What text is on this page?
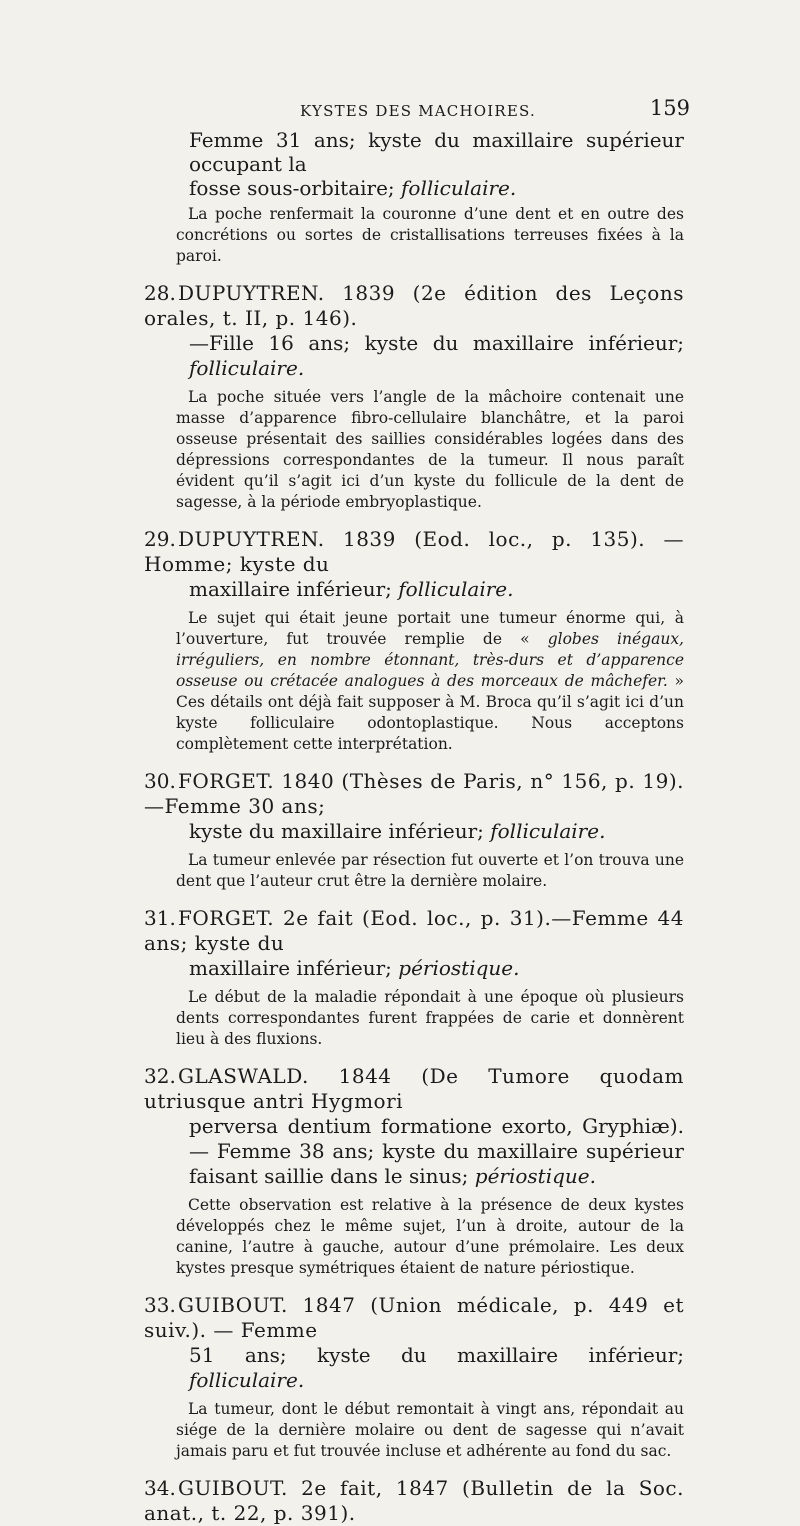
KYSTES DES MACHOIRES.	159
Femme 31 ans; kyste du maxillaire supérieur occupant la
fosse sous-orbitaire; folliculaire.
La poche renfermait la couronne d’une dent et en outre des concrétions ou sortes de cristallisations terreuses fixées à la paroi.
28. DUPUYTREN. 1839 (2e édition des Leçons orales, t. II, p. 146).
—Fille 16 ans; kyste du maxillaire inférieur; folliculaire.
La poche située vers l’angle de la mâchoire contenait une masse d’apparence fibro-cellulaire blanchâtre, et la paroi osseuse présentait des saillies considérables logées dans des dépressions correspondantes de la tumeur. Il nous paraît évident qu’il s’agit ici d’un kyste du follicule de la dent de sagesse, à la période embryoplastique.
29. DUPUYTREN. 1839 (Eod. loc., p. 135). — Homme; kyste du
maxillaire inférieur; folliculaire.
Le sujet qui était jeune portait une tumeur énorme qui, à l’ouverture, fut trouvée remplie de « globes inégaux, irréguliers, en nombre étonnant, très-durs et d’apparence osseuse ou crétacée analogues à des morceaux de mâchefer. » Ces détails ont déjà fait supposer à M. Broca qu’il s’agit ici d’un kyste folliculaire odontoplastique. Nous acceptons complètement cette interprétation.
30. FORGET. 1840 (Thèses de Paris, n° 156, p. 19).—Femme 30 ans;
kyste du maxillaire inférieur; folliculaire.
La tumeur enlevée par résection fut ouverte et l’on trouva une dent que l’auteur crut être la dernière molaire.
31. FORGET. 2e fait (Eod. loc., p. 31).—Femme 44 ans; kyste du
maxillaire inférieur; périostique.
Le début de la maladie répondait à une époque où plusieurs dents correspondantes furent frappées de carie et donnèrent lieu à des fluxions.
32. GLASWALD. 1844 (De Tumore quodam utriusque antri Hygmori
perversa dentium formatione exorto, Gryphiæ). — Femme 38 ans; kyste du maxillaire supérieur faisant saillie dans le sinus; périostique.
Cette observation est relative à la présence de deux kystes développés chez le même sujet, l’un à droite, autour de la canine, l’autre à gauche, autour d’une prémolaire. Les deux kystes presque symétriques étaient de nature périostique.
33. GUIBOUT. 1847 (Union médicale, p. 449 et suiv.). — Femme
51 ans; kyste du maxillaire inférieur; folliculaire.
La tumeur, dont le début remontait à vingt ans, répondait au siége de la dernière molaire ou dent de sagesse qui n’avait jamais paru et fut trouvée incluse et adhérente au fond du sac.
34. GUIBOUT. 2e fait, 1847 (Bulletin de la Soc. anat., t. 22, p. 391).
